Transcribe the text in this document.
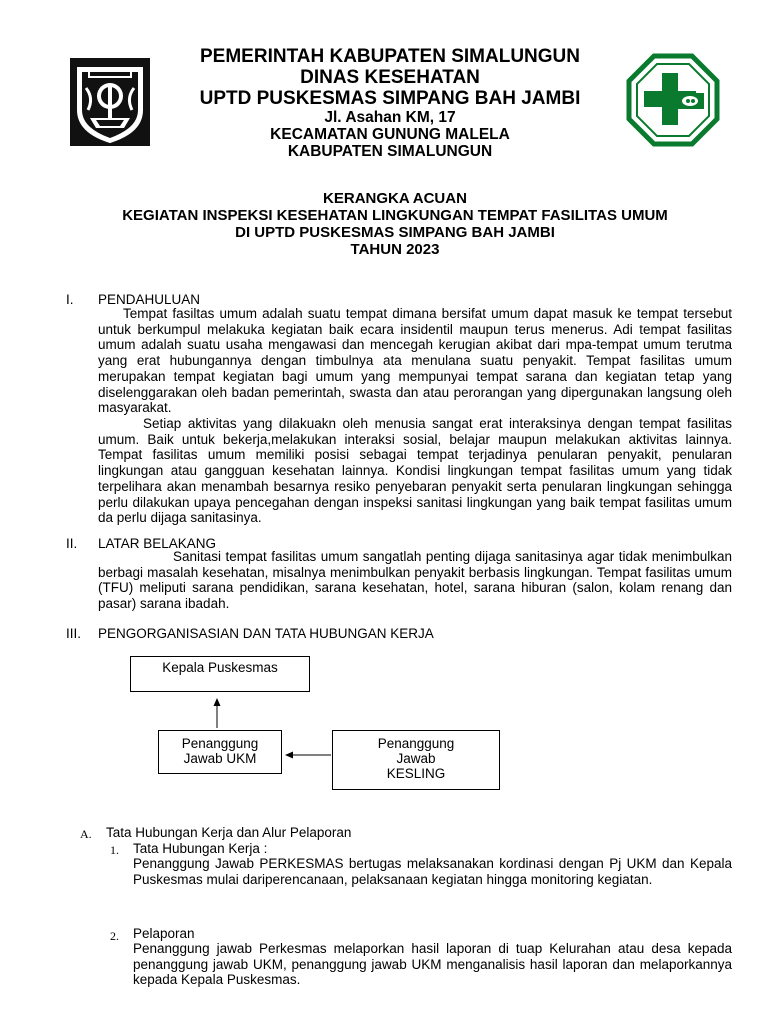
PEMERINTAH KABUPATEN SIMALUNGUN
DINAS KESEHATAN
UPTD PUSKESMAS SIMPANG BAH JAMBI
Jl. Asahan KM, 17
KECAMATAN GUNUNG MALELA
KABUPATEN SIMALUNGUN
KERANGKA ACUAN
KEGIATAN INSPEKSI KESEHATAN LINGKUNGAN TEMPAT FASILITAS UMUM
DI UPTD PUSKESMAS SIMPANG BAH JAMBI
TAHUN 2023
I. PENDAHULUAN
Tempat fasiltas umum adalah suatu tempat dimana bersifat umum dapat masuk ke tempat tersebut untuk berkumpul melakuka kegiatan baik ecara insidentil maupun terus menerus. Adi tempat fasilitas umum adalah suatu usaha mengawasi dan mencegah kerugian akibat dari mpa-tempat umum terutma yang erat hubungannya dengan timbulnya ata menulana suatu penyakit. Tempat fasilitas umum merupakan tempat kegiatan bagi umum yang mempunyai tempat sarana dan kegiatan tetap yang diselenggarakan oleh badan pemerintah, swasta dan atau perorangan yang dipergunakan langsung oleh masyarakat.
Setiap aktivitas yang dilakuakn oleh menusia sangat erat interaksinya dengan tempat fasilitas umum. Baik untuk bekerja,melakukan interaksi sosial, belajar maupun melakukan aktivitas lainnya. Tempat fasilitas umum memiliki posisi sebagai tempat terjadinya penularan penyakit, penularan lingkungan atau gangguan kesehatan lainnya. Kondisi lingkungan tempat fasilitas umum yang tidak terpelihara akan menambah besarnya resiko penyebaran penyakit serta penularan lingkungan sehingga perlu dilakukan upaya pencegahan dengan inspeksi sanitasi lingkungan yang baik tempat fasilitas umum da perlu dijaga sanitasinya.
II. LATAR BELAKANG
Sanitasi tempat fasilitas umum sangatlah penting dijaga sanitasinya agar tidak menimbulkan berbagi masalah kesehatan, misalnya menimbulkan penyakit berbasis lingkungan. Tempat fasilitas umum (TFU) meliputi sarana pendidikan, sarana kesehatan, hotel, sarana hiburan (salon, kolam renang dan pasar) sarana ibadah.
III. PENGORGANISASIAN DAN TATA HUBUNGAN KERJA
Kepala Puskesmas
Penanggung
Jawab UKM
Penanggung
Jawab
KESLING
A. Tata Hubungan Kerja dan Alur Pelaporan
1. Tata Hubungan Kerja :
Penanggung Jawab PERKESMAS bertugas melaksanakan kordinasi dengan Pj UKM dan Kepala Puskesmas mulai dariperencanaan, pelaksanaan kegiatan hingga monitoring kegiatan.
2. Pelaporan
Penanggung jawab Perkesmas melaporkan hasil laporan di tuap Kelurahan atau desa kepada penanggung jawab UKM, penanggung jawab UKM menganalisis hasil laporan dan melaporkannya kepada Kepala Puskesmas.
